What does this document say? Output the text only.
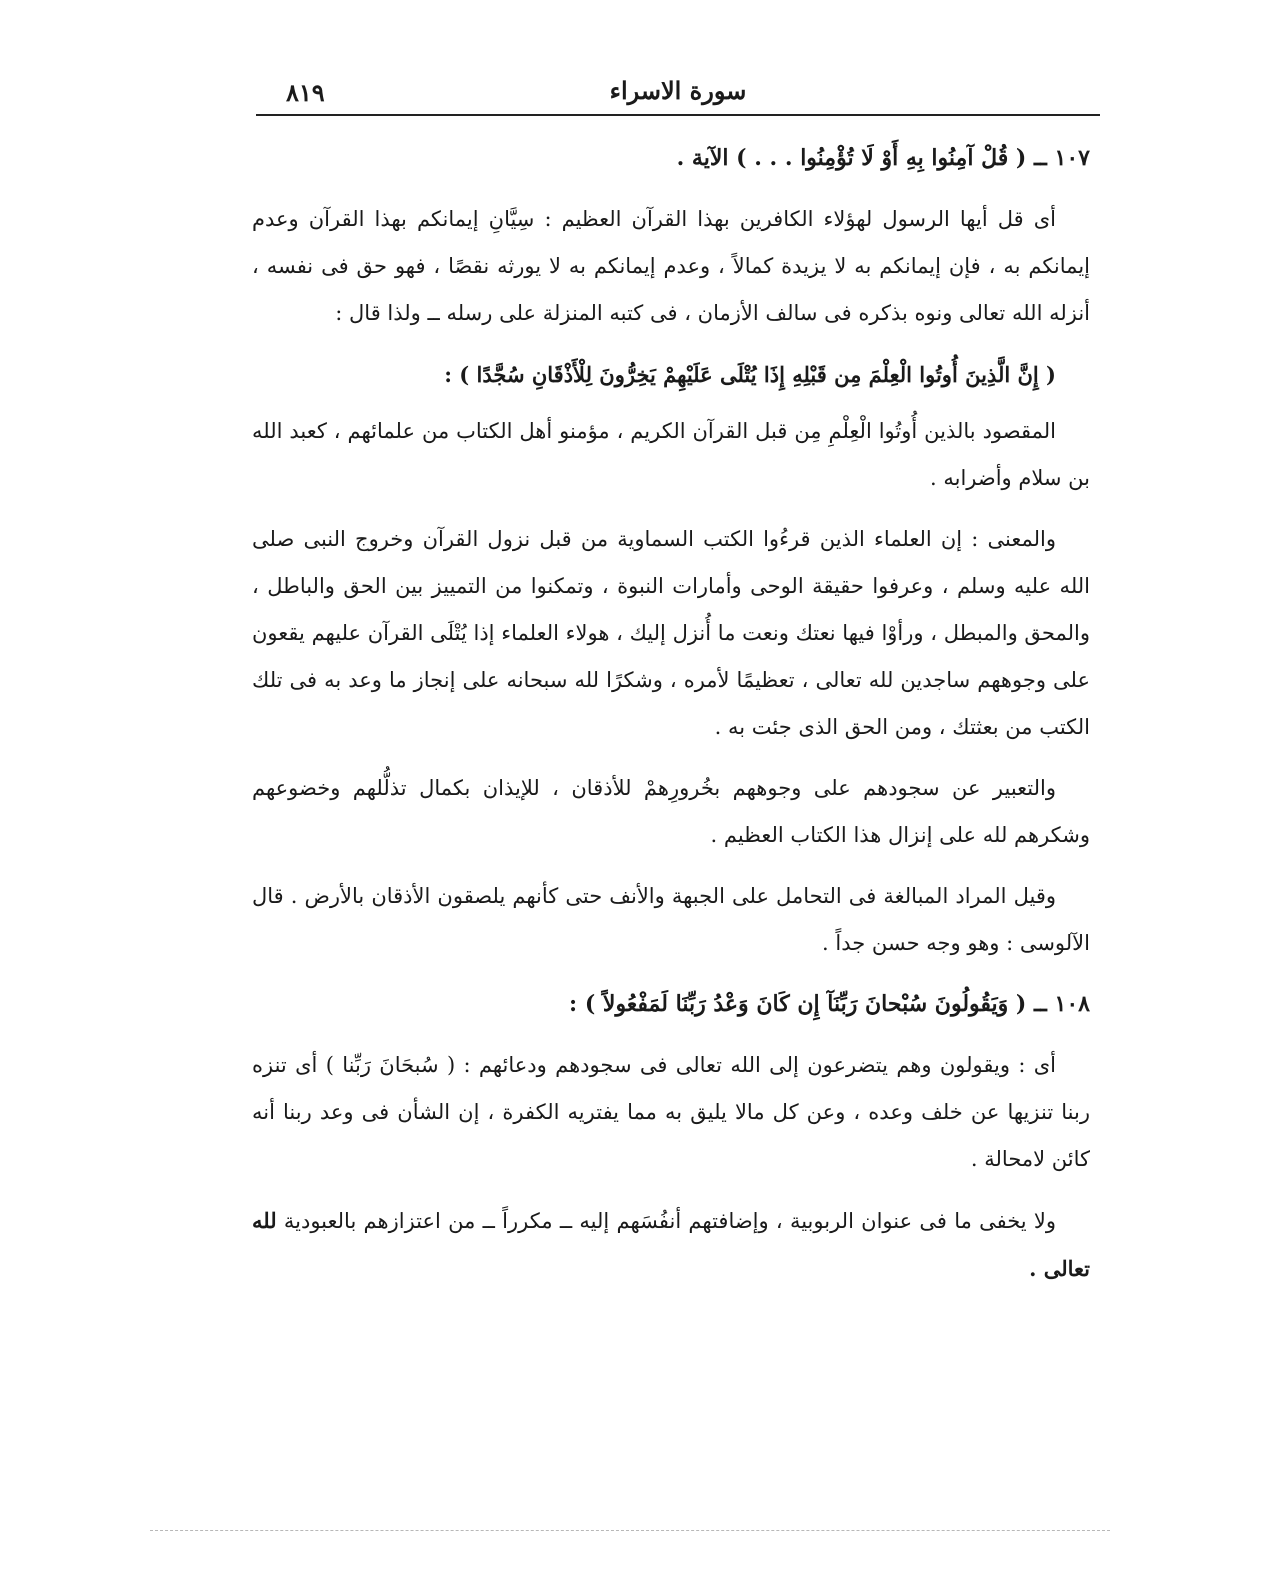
٨١٩	سورة الاسراء

١٠٧ ــ ( قُلْ آمِنُوا بِهِ أَوْ لَا تُؤْمِنُوا . . . ) الآية .

أى قل أيها الرسول لهؤلاء الكافرين بهذا القرآن العظيم : سِيَّانِ إيمانكم بهذا القرآن وعدم إيمانكم به ، فإن إيمانكم به لا يزيدة كمالاً ، وعدم إيمانكم به لا يورثه نقصًا ، فهو حق فى نفسه ، أنزله الله تعالى ونوه بذكره فى سالف الأزمان ، فى كتبه المنزلة على رسله ــ ولذا قال :

( إِنَّ الَّذِينَ أُوتُوا الْعِلْمَ مِن قَبْلِهِ إِذَا يُتْلَى عَلَيْهِمْ يَخِرُّونَ لِلْأَذْقَانِ سُجَّدًا ) :

المقصود بالذين أُوتُوا الْعِلْمِ مِن قبل القرآن الكريم ، مؤمنو أهل الكتاب من علمائهم ، كعبد الله بن سلام وأضرابه .

والمعنى : إن العلماء الذين قرءُوا الكتب السماوية من قبل نزول القرآن وخروج النبى صلى الله عليه وسلم ، وعرفوا حقيقة الوحى وأمارات النبوة ، وتمكنوا من التمييز بين الحق والباطل ، والمحق والمبطل ، ورأوْا فيها نعتك ونعت ما أُنزل إليك ، هولاء العلماء إذا يُتْلَى القرآن عليهم يقعون على وجوههم ساجدين لله تعالى ، تعظيمًا لأمره ، وشكرًا لله سبحانه على إنجاز ما وعد به فى تلك الكتب من بعثتك ، ومن الحق الذى جئت به .

والتعبير عن سجودهم على وجوههم بخُرورِهمْ للأذقان ، للإيذان بكمال تذلُّلهم وخضوعهم وشكرهم لله على إنزال هذا الكتاب العظيم .

وقيل المراد المبالغة فى التحامل على الجبهة والأنف حتى كأنهم يلصقون الأذقان بالأرض . قال الآلوسى : وهو وجه حسن جداً .

١٠٨ ــ ( وَيَقُولُونَ سُبْحانَ رَبِّنَآ إِن كَانَ وَعْدُ رَبِّنَا لَمَفْعُولاً ) :

أى : ويقولون وهم يتضرعون إلى الله تعالى فى سجودهم ودعائهم : ( سُبحَانَ رَبِّنا ) أى تنزه ربنا تنزيها عن خلف وعده ، وعن كل مالا يليق به مما يفتريه الكفرة ، إن الشأن فى وعد ربنا أنه كائن لامحالة .

ولا يخفى ما فى عنوان الربوبية ، وإضافتهم أنفُسَهم إليه ــ مكرراً ــ من اعتزازهم بالعبودية لله تعالى .
